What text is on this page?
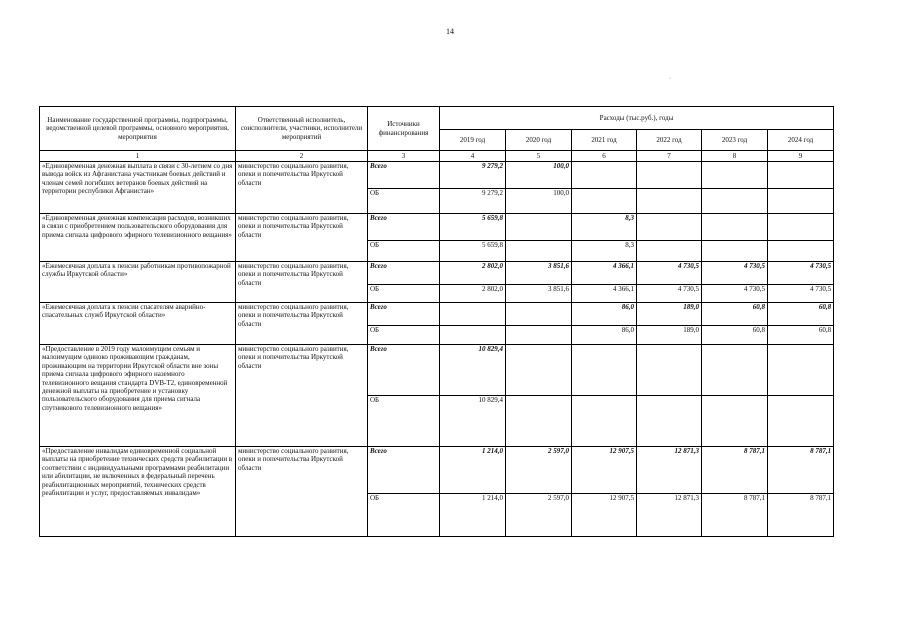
14
·
Наименование государственной программы, подпрограммы, ведомственной целевой программы, основного мероприятия, мероприятия	Ответственный исполнитель, соисполнители, участники, исполнители мероприятий	Источники финансирования	Расходы (тыс.руб.), годы					
			2019 год	2020 год	2021 год	2022 год	2023 год	2024 год
1	2	3	4	5	6	7	8	9
«Единовременная денежная выплата в связи с 30-летием со дня вывода войск из Афганистана участникам боевых действий и членам семей погибших ветеранов боевых действий на территории республики Афганистан»	министерство социального развития, опеки и попечительства Иркутской области	Всего	9 279,2	100,0				
		ОБ	9 279,2	100,0				
«Единовременная денежная компенсация расходов, возникших в связи с приобретением пользовательского оборудования для приема сигнала цифрового эфирного телевизионного вещания»	министерство социального развития, опеки и попечительства Иркутской области	Всего	5 659,8		8,3			
		ОБ	5 659,8		8,3			
«Ежемесячная доплата к пенсии работникам противопожарной службы Иркутской области»	министерство социального развития, опеки и попечительства Иркутской области	Всего	2 802,0	3 851,6	4 366,1	4 730,5	4 730,5	4 730,5
		ОБ	2 802,0	3 851,6	4 366,1	4 730,5	4 730,5	4 730,5
«Ежемесячная доплата к пенсии спасателям аварийно-спасательных служб Иркутской области»	министерство социального развития, опеки и попечительства Иркутской области	Всего			86,0	189,0	60,8	60,8
		ОБ			86,0	189,0	60,8	60,8
«Предоставление в 2019 году малоимущим семьям и малоимущим одиноко проживающим гражданам, проживающим на территории Иркутской области вне зоны приема сигнала цифрового эфирного наземного телевизионного вещания стандарта DVB-T2, единовременной денежной выплаты на приобретение и установку пользовательского оборудования для приема сигнала спутникового телевизионного вещания»	министерство социального развития, опеки и попечительства Иркутской области	Всего	10 829,4					
		ОБ	10 829,4					
«Предоставление инвалидам единовременной социальной выплаты на приобретение технических средств реабилитации в соответствии с индивидуальными программами реабилитации или абилитации, не включенных в федеральный перечень реабилитационных мероприятий, технических средств реабилитации и услуг, предоставляемых инвалидам»	министерство социального развития, опеки и попечительства Иркутской области	Всего	1 214,0	2 597,0	12 907,5	12 871,3	8 787,1	8 787,1
		ОБ	1 214,0	2 597,0	12 907,5	12 871,3	8 787,1	8 787,1
